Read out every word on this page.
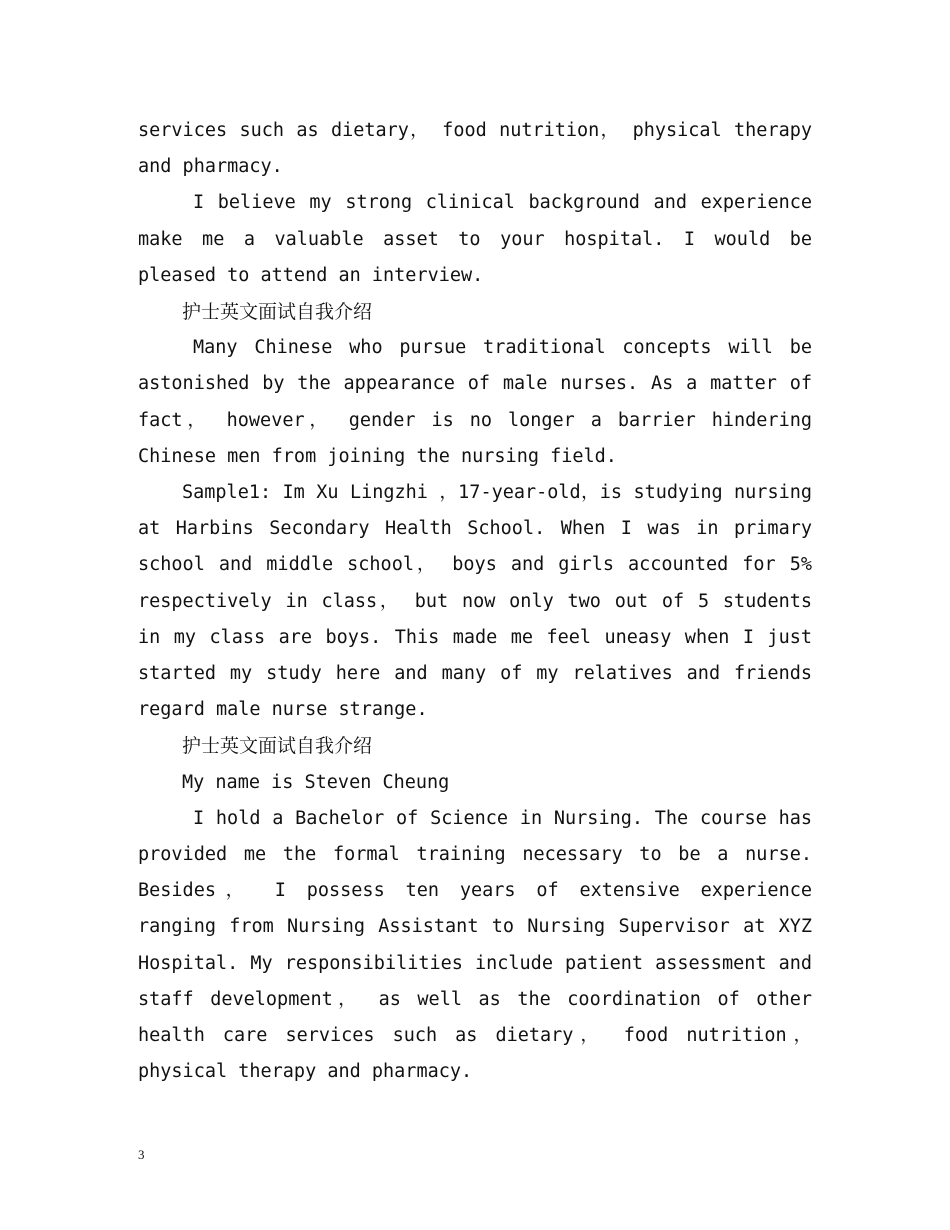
services such as dietary， food nutrition， physical therapy and pharmacy.

I believe my strong clinical background and experience make me a valuable asset to your hospital. I would be pleased to attend an interview.

护士英文面试自我介绍

Many Chinese who pursue traditional concepts will be astonished by the appearance of male nurses. As a matter of fact， however， gender is no longer a barrier hindering Chinese men from joining the nursing field.

Sample1: Im Xu Lingzhi ，17-year-old，is studying nursing at Harbins Secondary Health School. When I was in primary school and middle school， boys and girls accounted for 5% respectively in class， but now only two out of 5 students in my class are boys. This made me feel uneasy when I just started my study here and many of my relatives and friends regard male nurse strange.

护士英文面试自我介绍

My name is Steven Cheung

I hold a Bachelor of Science in Nursing. The course has provided me the formal training necessary to be a nurse. Besides， I possess ten years of extensive experience ranging from Nursing Assistant to Nursing Supervisor at XYZ Hospital. My responsibilities include patient assessment and staff development， as well as the coordination of other health care services such as dietary， food nutrition， physical therapy and pharmacy.

3
